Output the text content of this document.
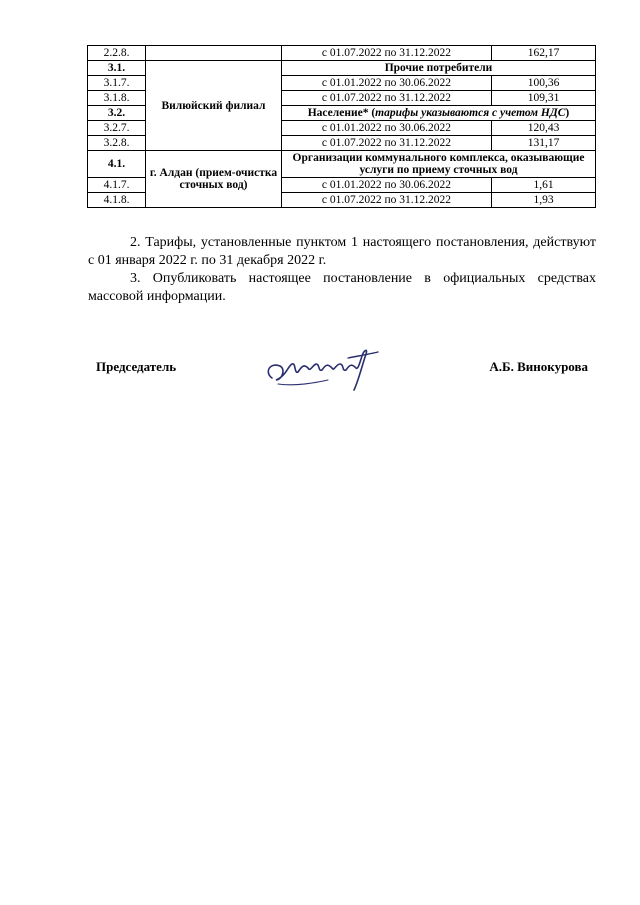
2.2.8.		с 01.07.2022 по 31.12.2022	162,17
3.1.	Вилюйский филиал	Прочие потребители	
3.1.7.		с 01.01.2022 по 30.06.2022	100,36
3.1.8.		с 01.07.2022 по 31.12.2022	109,31
3.2.		Население* (тарифы указываются с учетом НДС)	
3.2.7.		с 01.01.2022 по 30.06.2022	120,43
3.2.8.		с 01.07.2022 по 31.12.2022	131,17
4.1.	г. Алдан (прием-очистка сточных вод)	Организации коммунального комплекса, оказывающие услуги по приему сточных вод	
4.1.7.		с 01.01.2022 по 30.06.2022	1,61
4.1.8.		с 01.07.2022 по 31.12.2022	1,93

2. Тарифы, установленные пунктом 1 настоящего постановления, действуют с 01 января 2022 г. по 31 декабря 2022 г.

3. Опубликовать настоящее постановление в официальных средствах массовой информации.

Председатель	А.Б. Винокурова
